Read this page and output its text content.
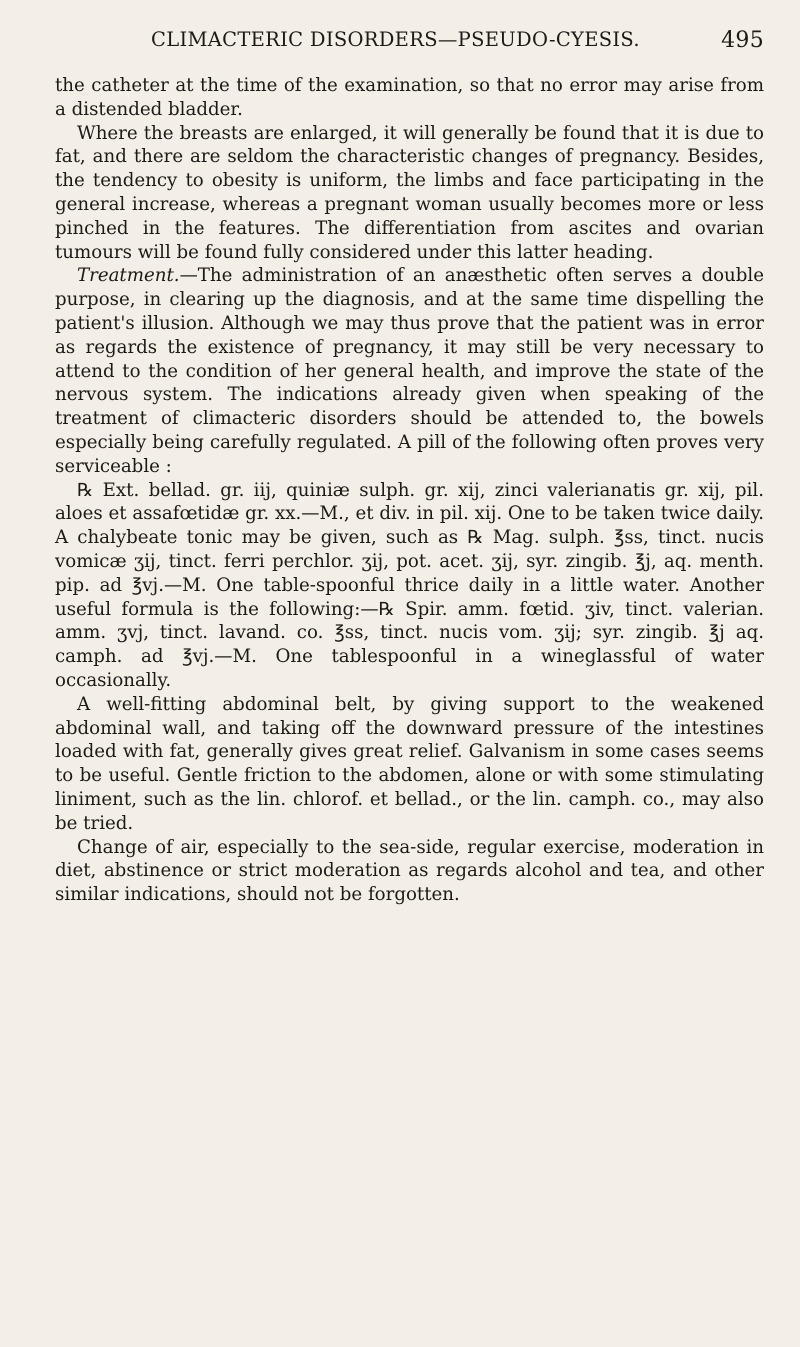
CLIMACTERIC DISORDERS—PSEUDO-CYESIS.	495

the catheter at the time of the examination, so that no error may arise from a distended bladder.

Where the breasts are enlarged, it will generally be found that it is due to fat, and there are seldom the characteristic changes of pregnancy. Besides, the tendency to obesity is uniform, the limbs and face participating in the general increase, whereas a pregnant woman usually becomes more or less pinched in the features. The differentiation from ascites and ovarian tumours will be found fully considered under this latter heading.

Treatment.—The administration of an anæsthetic often serves a double purpose, in clearing up the diagnosis, and at the same time dispelling the patient's illusion. Although we may thus prove that the patient was in error as regards the existence of pregnancy, it may still be very necessary to attend to the condition of her general health, and improve the state of the nervous system. The indications already given when speaking of the treatment of climacteric disorders should be attended to, the bowels especially being carefully regulated. A pill of the following often proves very serviceable :

℞ Ext. bellad. gr. iij, quiniæ sulph. gr. xij, zinci valerianatis gr. xij, pil. aloes et assafœtidæ gr. xx.—M., et div. in pil. xij. One to be taken twice daily. A chalybeate tonic may be given, such as ℞ Mag. sulph. ℥ss, tinct. nucis vomicæ ʒij, tinct. ferri perchlor. ʒij, pot. acet. ʒij, syr. zingib. ℥j, aq. menth. pip. ad ℥vj.—M. One table-spoonful thrice daily in a little water. Another useful formula is the following:—℞ Spir. amm. fœtid. ʒiv, tinct. valerian. amm. ʒvj, tinct. lavand. co. ℥ss, tinct. nucis vom. ʒij; syr. zingib. ℥j aq. camph. ad ℥vj.—M. One tablespoonful in a wineglassful of water occasionally.

A well-fitting abdominal belt, by giving support to the weakened abdominal wall, and taking off the downward pressure of the intestines loaded with fat, generally gives great relief. Galvanism in some cases seems to be useful. Gentle friction to the abdomen, alone or with some stimulating liniment, such as the lin. chlorof. et bellad., or the lin. camph. co., may also be tried.

Change of air, especially to the sea-side, regular exercise, moderation in diet, abstinence or strict moderation as regards alcohol and tea, and other similar indications, should not be forgotten.
